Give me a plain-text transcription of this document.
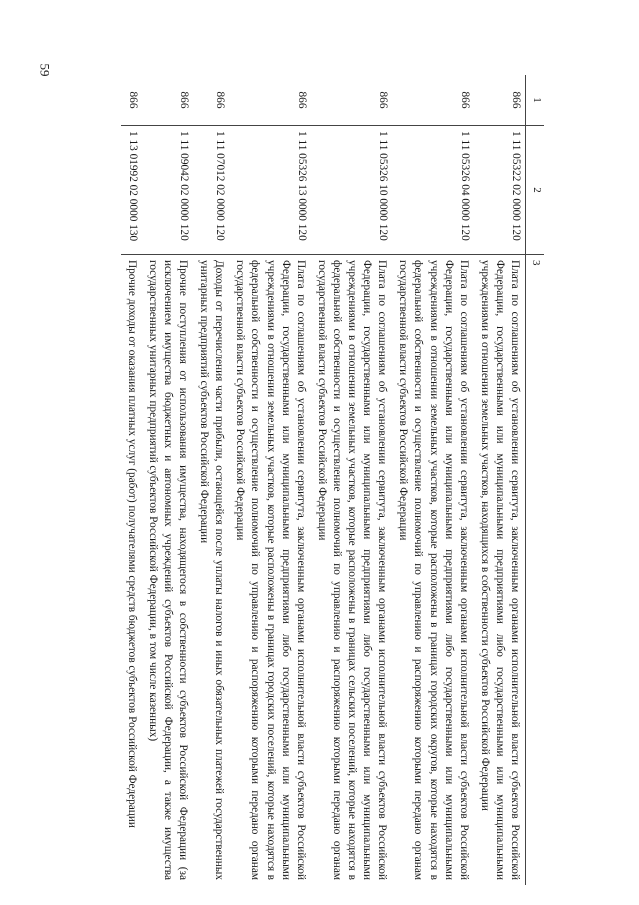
59
1	2	3
866	1 11 05322 02 0000 120	Плата по соглашениям об установлении сервитута, заключенным органами исполнительной власти субъектов Российской Федерации, государственными или муниципальными предприятиями либо государственными или муниципальными учреждениями в отношении земельных участков, находящихся в собственности субъектов Российской Федерации
866	1 11 05326 04 0000 120	Плата по соглашениям об установлении сервитута, заключенным органами исполнительной власти субъектов Российской Федерации, государственными или муниципальными предприятиями либо государственными или муниципальными учреждениями в отношении земельных участков, которые расположены в границах городских округов, которые находятся в федеральной собственности и осуществление полномочий по управлению и распоряжению которыми передано органам государственной власти субъектов Российской Федерации
866	1 11 05326 10 0000 120	Плата по соглашениям об установлении сервитута, заключенным органами исполнительной власти субъектов Российской Федерации, государственными или муниципальными предприятиями либо государственными или муниципальными учреждениями в отношении земельных участков, которые расположены в границах сельских поселений, которые находятся в федеральной собственности и осуществление полномочий по управлению и распоряжению которыми передано органам государственной власти субъектов Российской Федерации
866	1 11 05326 13 0000 120	Плата по соглашениям об установлении сервитута, заключенным органами исполнительной власти субъектов Российской Федерации, государственными или муниципальными предприятиями либо государственными или муниципальными учреждениями в отношении земельных участков, которые расположены в границах городских поселений, которые находятся в федеральной собственности и осуществление полномочий по управлению и распоряжению которыми передано органам государственной власти субъектов Российской Федерации
866	1 11 07012 02 0000 120	Доходы от перечисления части прибыли, остающейся после уплаты налогов и иных обязательных платежей государственных унитарных предприятий субъектов Российской Федерации
866	1 11 09042 02 0000 120	Прочие поступления от использования имущества, находящегося в собственности субъектов Российской Федерации (за исключением имущества бюджетных и автономных учреждений субъектов Российской Федерации, а также имущества государственных унитарных предприятий субъектов Российской Федерации, в том числе казенных)
866	1 13 01992 02 0000 130	Прочие доходы от оказания платных услуг (работ) получателями средств бюджетов субъектов Российской Федерации
